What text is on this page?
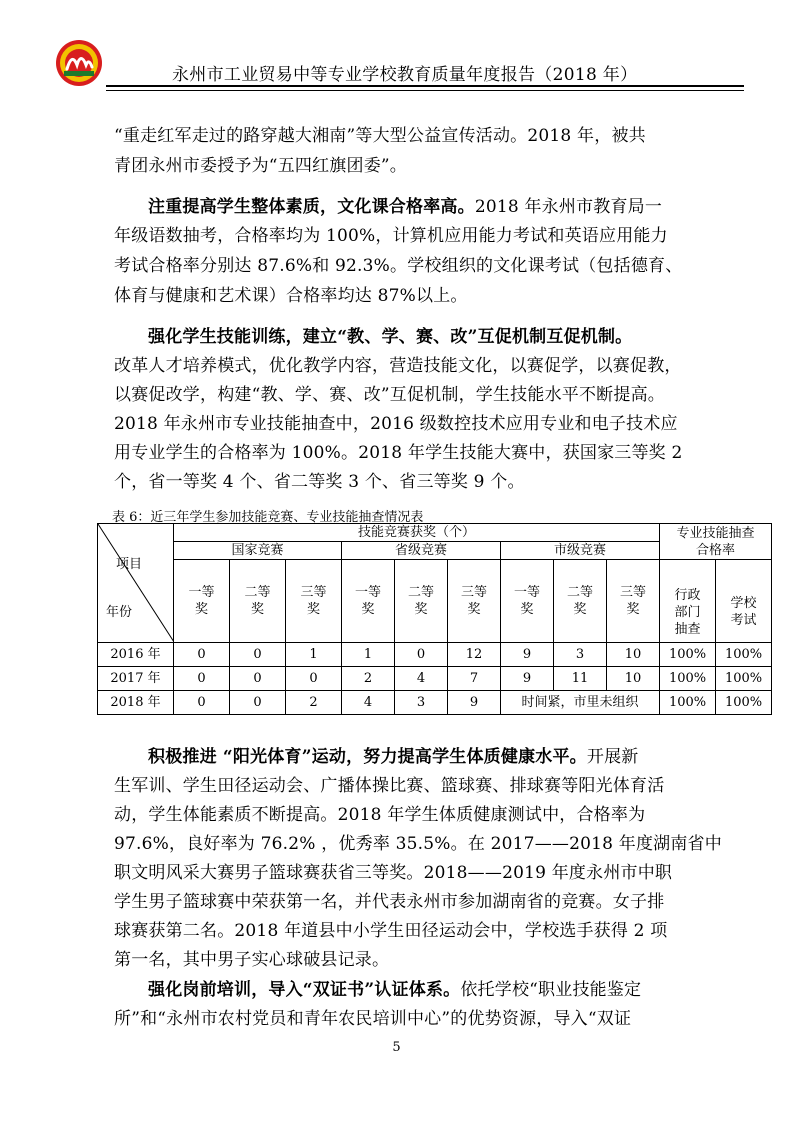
永州市工业贸易中等专业学校教育质量年度报告（2018 年）
“重走红军走过的路穿越大湘南”等大型公益宣传活动。2018 年，被共
青团永州市委授予为“五四红旗团委”。
注重提高学生整体素质，文化课合格率高。2018 年永州市教育局一
年级语数抽考，合格率均为 100%，计算机应用能力考试和英语应用能力
考试合格率分别达 87.6%和 92.3%。学校组织的文化课考试（包括德育、
体育与健康和艺术课）合格率均达 87%以上。
强化学生技能训练，建立“教、学、赛、改”互促机制互促机制。
改革人才培养模式，优化教学内容，营造技能文化，以赛促学，以赛促教，
以赛促改学，构建“教、学、赛、改”互促机制，学生技能水平不断提高。
2018 年永州市专业技能抽查中，2016 级数控技术应用专业和电子技术应
用专业学生的合格率为 100%。2018 年学生技能大赛中，获国家三等奖 2
个，省一等奖 4 个、省二等奖 3 个、省三等奖 9 个。
表 6：近三年学生参加技能竞赛、专业技能抽查情况表
项目
年份	技能竞赛获奖（个）									专业技能抽查合格率	
	国家竞赛			省级竞赛			市级竞赛				
	一等奖	二等奖	三等奖	一等奖	二等奖	三等奖	一等奖	二等奖	三等奖		
										行政部门抽查	学校考试
2016 年	0	0	1	1	0	12	9	3	10	100%	100%
2017 年	0	0	0	2	4	7	9	11	10	100%	100%
2018 年	0	0	2	4	3	9	时间紧，市里未组织			100%	100%
积极推进 “阳光体育”运动，努力提高学生体质健康水平。开展新
生军训、学生田径运动会、广播体操比赛、篮球赛、排球赛等阳光体育活
动，学生体能素质不断提高。2018 年学生体质健康测试中，合格率为
97.6%，良好率为 76.2% ，优秀率 35.5%。在 2017——2018 年度湖南省中
职文明风采大赛男子篮球赛获省三等奖。2018——2019 年度永州市中职
学生男子篮球赛中荣获第一名，并代表永州市参加湖南省的竞赛。女子排
球赛获第二名。2018 年道县中小学生田径运动会中，学校选手获得 2 项
第一名，其中男子实心球破县记录。
强化岗前培训，导入“双证书”认证体系。依托学校“职业技能鉴定
所”和“永州市农村党员和青年农民培训中心”的优势资源，导入“双证
5
